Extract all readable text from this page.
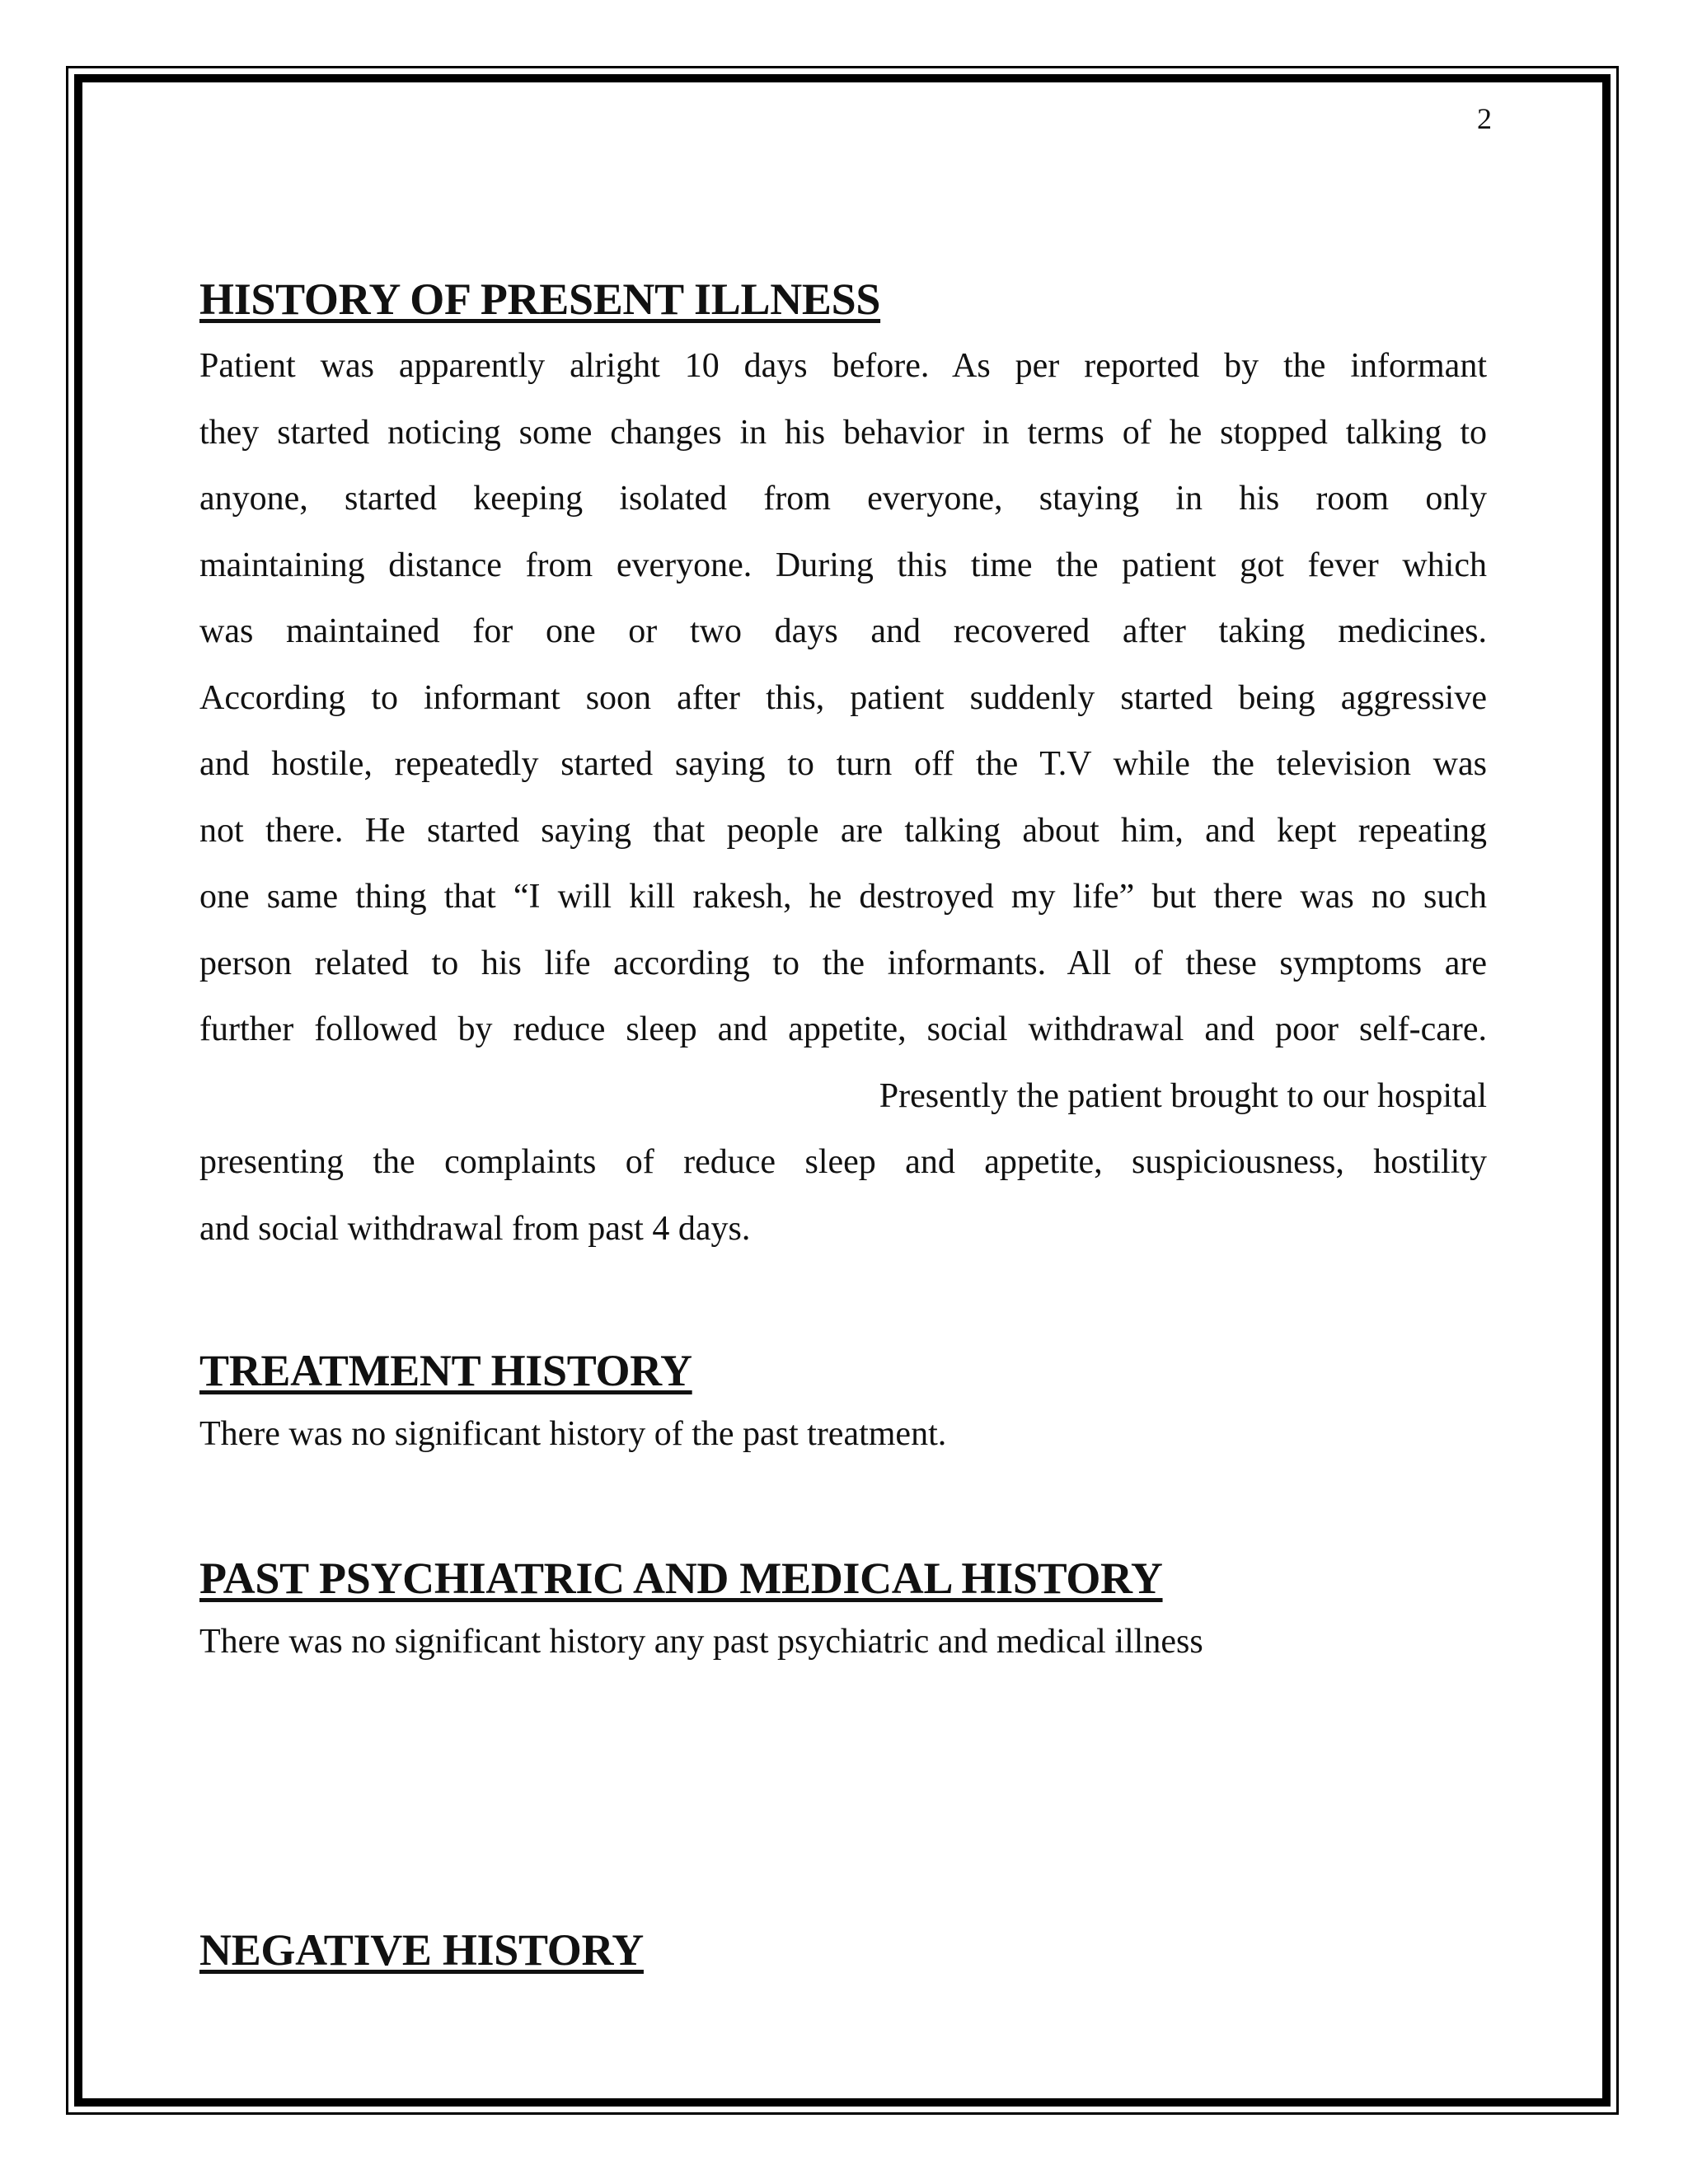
2
HISTORY OF PRESENT ILLNESS

Patient was apparently alright 10 days before. As per reported by the informant
they started noticing some changes in his behavior in terms of he stopped talking to
anyone, started keeping isolated from everyone, staying in his room only
maintaining distance from everyone. During this time the patient got fever which
was maintained for one or two days and recovered after taking medicines.
According to informant soon after this, patient suddenly started being aggressive
and hostile, repeatedly started saying to turn off the T.V while the television was
not there. He started saying that people are talking about him, and kept repeating
one same thing that “I will kill rakesh, he destroyed my life” but there was no such
person related to his life according to the informants. All of these symptoms are
further followed by reduce sleep and appetite, social withdrawal and poor self-care.
Presently the patient brought to our hospital
presenting the complaints of reduce sleep and appetite, suspiciousness, hostility
and social withdrawal from past 4 days.

TREATMENT HISTORY

There was no significant history of the past treatment.

PAST PSYCHIATRIC AND MEDICAL HISTORY

There was no significant history any past psychiatric and medical illness

NEGATIVE HISTORY
